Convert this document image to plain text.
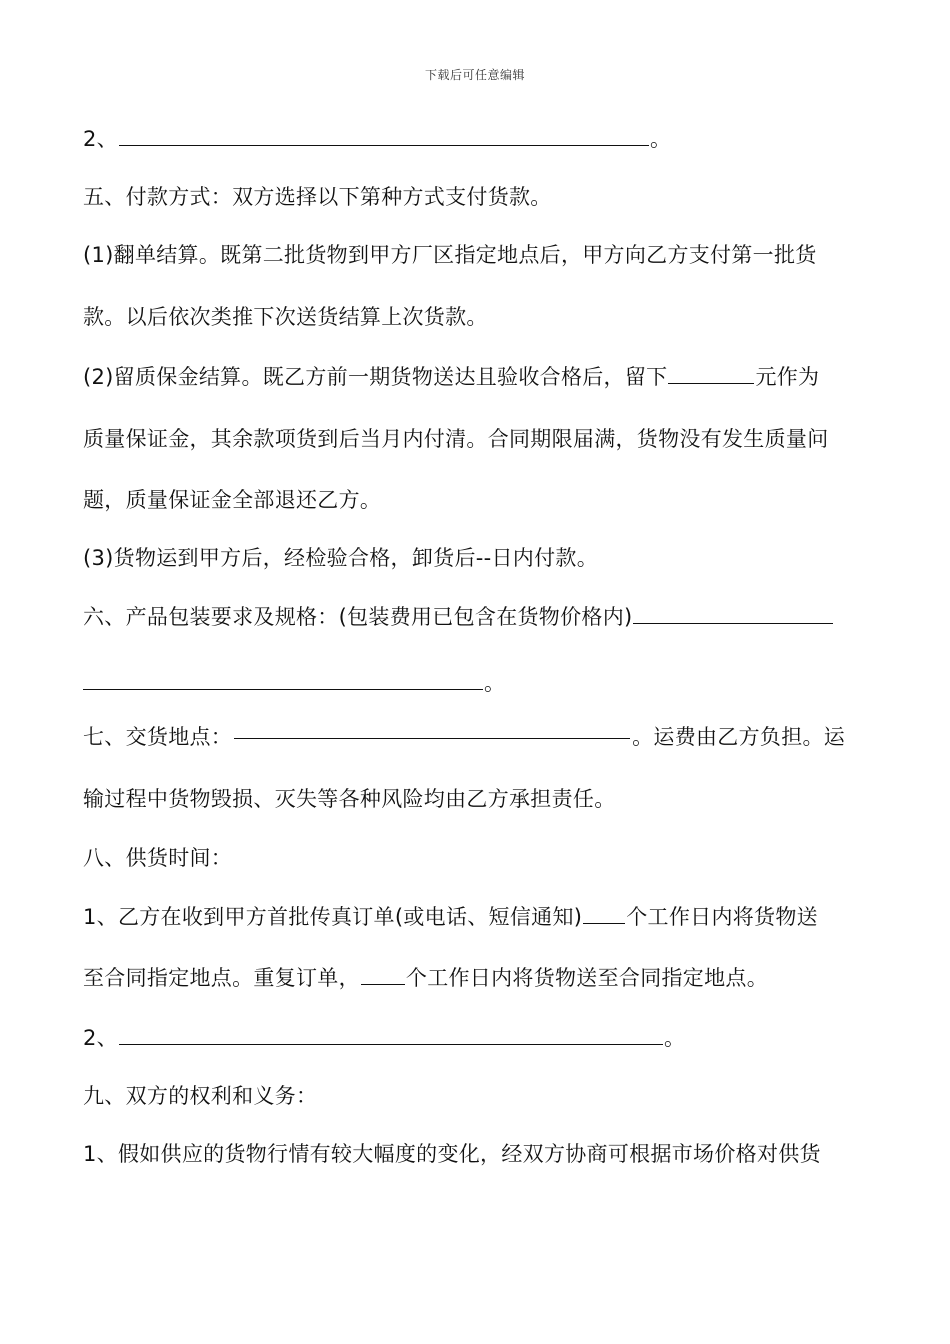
下载后可任意编辑
2、	。
五、付款方式：双方选择以下第种方式支付货款。
(1)翻单结算。既第二批货物到甲方厂区指定地点后，甲方向乙方支付第一批货
款。以后依次类推下次送货结算上次货款。
(2)留质保金结算。既乙方前一期货物送达且验收合格后，留下	元作为
质量保证金，其余款项货到后当月内付清。合同期限届满，货物没有发生质量问
题，质量保证金全部退还乙方。
(3)货物运到甲方后，经检验合格，卸货后--日内付款。
六、产品包装要求及规格：(包装费用已包含在货物价格内)
。
七、交货地点：	。运费由乙方负担。运
输过程中货物毁损、灭失等各种风险均由乙方承担责任。
八、供货时间：
1、乙方在收到甲方首批传真订单(或电话、短信通知) 个工作日内将货物送
至合同指定地点。重复订单， 个工作日内将货物送至合同指定地点。
2、	。
九、双方的权利和义务：
1、假如供应的货物行情有较大幅度的变化，经双方协商可根据市场价格对供货
